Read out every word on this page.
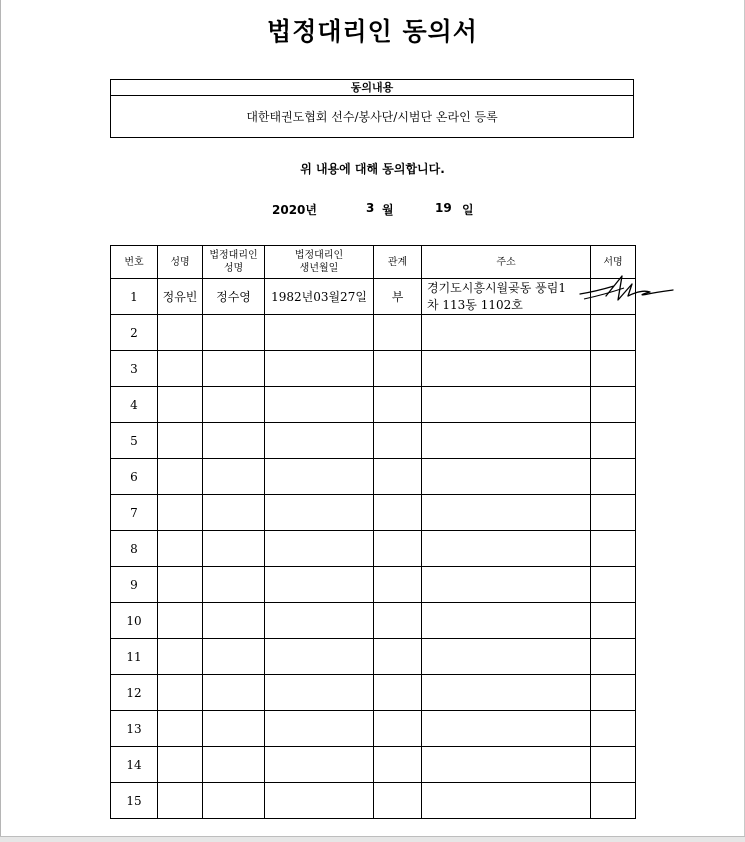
법정대리인 동의서
동의내용
대한태권도협회 선수/봉사단/시범단 온라인 등록
위 내용에 대해 동의합니다.
2020년	3 월	19 일
번호	성명	법정대리인 성명	법정대리인 생년월일	관계	주소	서명
1	정유빈	정수영	1982년03월27일	부	경기도시흥시월곶동 풍림1
차 113동 1102호	

2						
3						
4						
5						
6						
7						
8						
9						
10						
11						
12						
13						
14						
15						
